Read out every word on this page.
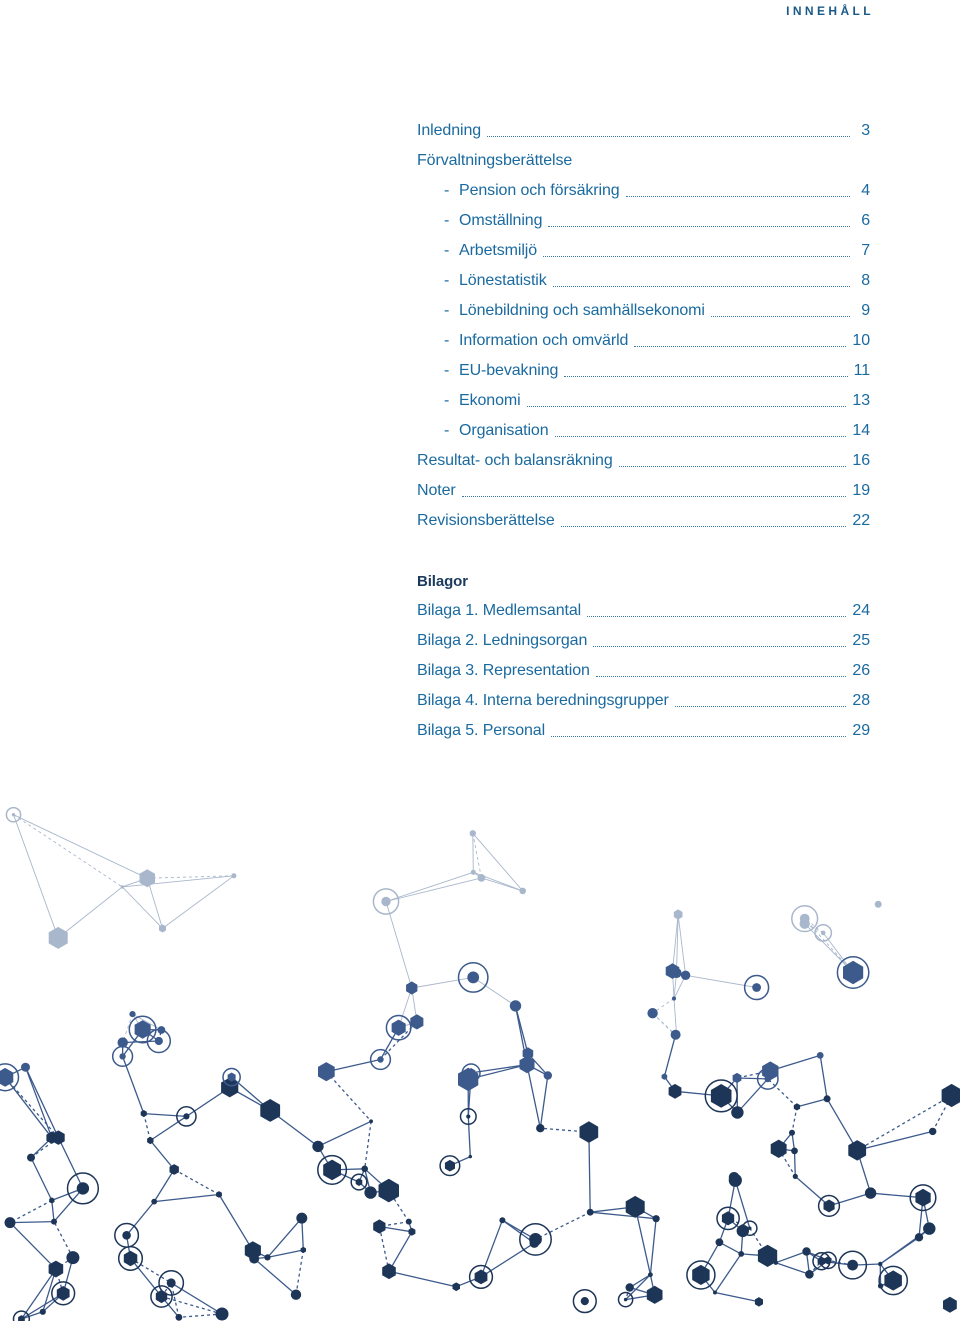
INNEHÅLL
Inledning	3
Förvaltningsberättelse
- Pension och försäkring	4
- Omställning	6
- Arbetsmiljö	7
- Lönestatistik	8
- Lönebildning och samhällsekonomi	9
- Information och omvärld	10
- EU-bevakning	11
- Ekonomi	13
- Organisation	14
Resultat- och balansräkning	16
Noter	19
Revisionsberättelse	22
Bilagor
Bilaga 1. Medlemsantal	24
Bilaga 2. Ledningsorgan	25
Bilaga 3. Representation	26
Bilaga 4. Interna beredningsgrupper	28
Bilaga 5. Personal	29
